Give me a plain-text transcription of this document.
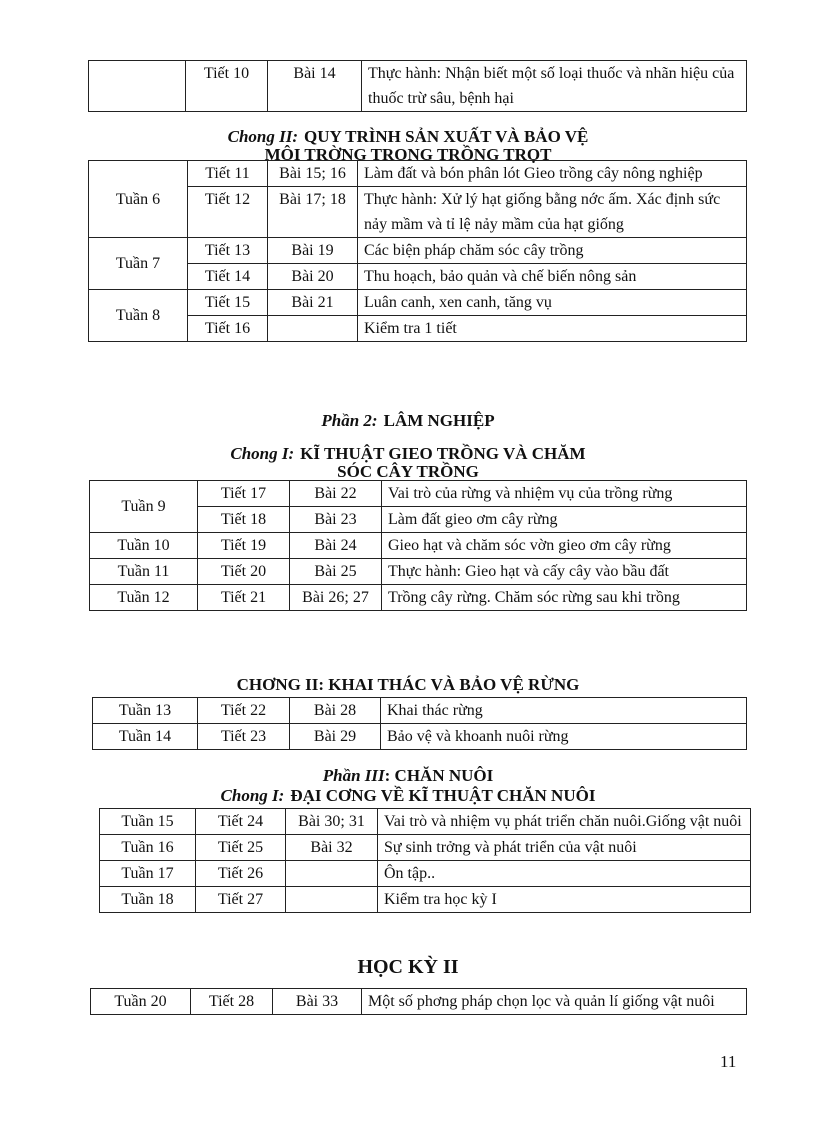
	Tiết 10	Bài 14	Thực hành: Nhận biết một số loại thuốc và nhãn hiệu của thuốc trừ sâu, bệnh hại
Chong II: QUY TRÌNH SẢN XUẤT VÀ BẢO VỆ
MÔI TRỜNG TRONG TRỒNG TRỌT
Tuần 6	Tiết 11	Bài 15; 16	Làm đất và bón phân lót Gieo trồng cây nông nghiệp
	Tiết 12	Bài 17; 18	Thực hành: Xử lý hạt giống bằng nớc ấm. Xác định sức nảy mầm và tỉ lệ nảy mầm của hạt giống
Tuần 7	Tiết 13	Bài 19	Các biện pháp chăm sóc cây trồng
	Tiết 14	Bài 20	Thu hoạch, bảo quản và chế biến nông sản
Tuần 8	Tiết 15	Bài 21	Luân canh, xen canh, tăng vụ
	Tiết 16		Kiểm tra 1 tiết
Phần 2: LÂM NGHIỆP
Chong I: KĨ THUẬT GIEO TRỒNG VÀ CHĂM
SÓC CÂY TRỒNG
Tuần 9	Tiết 17	Bài 22	Vai trò của rừng và nhiệm vụ của trồng rừng
	Tiết 18	Bài 23	Làm đất gieo ơm cây rừng
Tuần 10	Tiết 19	Bài 24	Gieo hạt và chăm sóc vờn gieo ơm cây rừng
Tuần 11	Tiết 20	Bài 25	Thực hành: Gieo hạt và cấy cây vào bầu đất
Tuần 12	Tiết 21	Bài 26; 27	Trồng cây rừng. Chăm sóc rừng sau khi trồng
CHƠNG II: KHAI THÁC VÀ BẢO VỆ RỪNG
Tuần 13	Tiết 22	Bài 28	Khai thác rừng
Tuần 14	Tiết 23	Bài 29	Bảo vệ và khoanh nuôi rừng
Phần III: CHĂN NUÔI
Chong I: ĐẠI CƠNG VỀ KĨ THUẬT CHĂN NUÔI
Tuần 15	Tiết 24	Bài 30; 31	Vai trò và nhiệm vụ phát triển chăn nuôi.Giống vật nuôi
Tuần 16	Tiết 25	Bài 32	Sự sinh trởng và phát triển của vật nuôi
Tuần 17	Tiết 26		Ôn tập..
Tuần 18	Tiết 27		Kiểm tra học kỳ I
HỌC KỲ II
Tuần 20	Tiết 28	Bài 33	Một số phơng pháp chọn lọc và quản lí giống vật nuôi
11
